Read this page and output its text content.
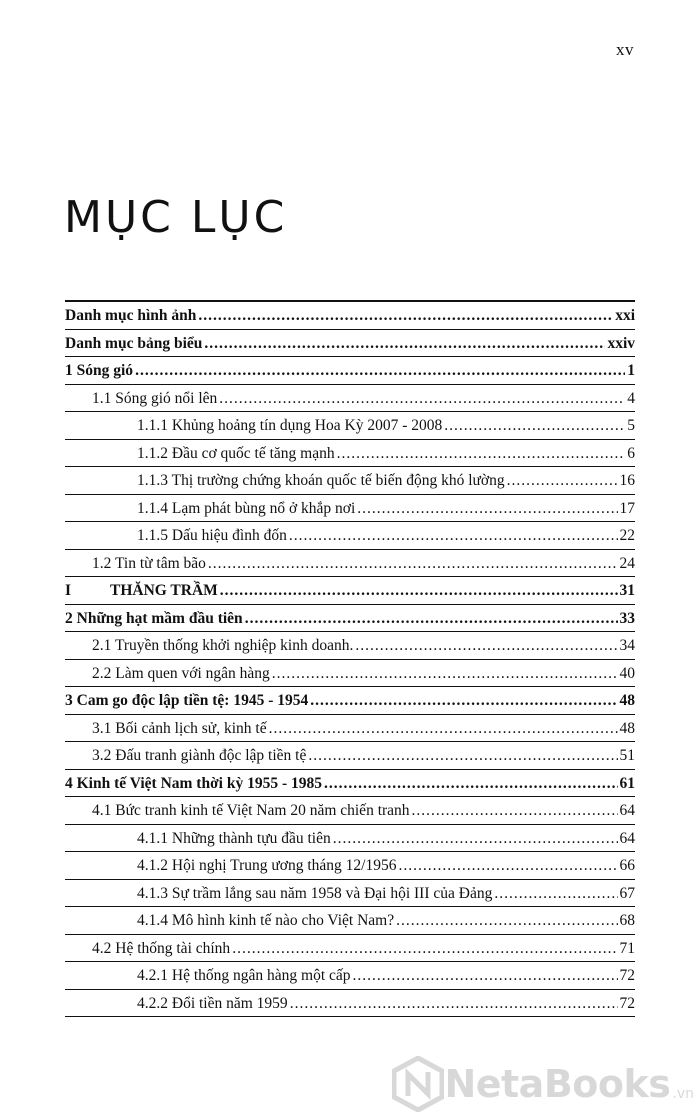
xv
MỤC LỤC
Danh mục hình ảnh .....	xxi
Danh mục bảng biểu .....	xxiv
1 Sóng gió .....	1
1.1 Sóng gió nổi lên .....	4
1.1.1 Khủng hoảng tín dụng Hoa Kỳ 2007 - 2008 .....	5
1.1.2 Đầu cơ quốc tế tăng mạnh .....	6
1.1.3 Thị trường chứng khoán quốc tế biến động khó lường .....	16
1.1.4 Lạm phát bùng nổ ở khắp nơi .....	17
1.1.5 Dấu hiệu đình đốn .....	22
1.2 Tin từ tâm bão .....	24
I	THĂNG TRẦM .....	31
2 Những hạt mầm đầu tiên .....	33
2.1 Truyền thống khởi nghiệp kinh doanh. .....	34
2.2 Làm quen với ngân hàng .....	40
3 Cam go độc lập tiền tệ: 1945 - 1954 .....	48
3.1 Bối cảnh lịch sử, kinh tế .....	48
3.2 Đấu tranh giành độc lập tiền tệ .....	51
4 Kinh tế Việt Nam thời kỳ 1955 - 1985 .....	61
4.1 Bức tranh kinh tế Việt Nam 20 năm chiến tranh .....	64
4.1.1 Những thành tựu đầu tiên .....	64
4.1.2 Hội nghị Trung ương tháng 12/1956 .....	66
4.1.3 Sự trầm lắng sau năm 1958 và Đại hội III của Đảng .....	67
4.1.4 Mô hình kinh tế nào cho Việt Nam? .....	68
4.2 Hệ thống tài chính .....	71
4.2.1 Hệ thống ngân hàng một cấp .....	72
4.2.2 Đổi tiền năm 1959 .....	72
NetaBooks .vn
